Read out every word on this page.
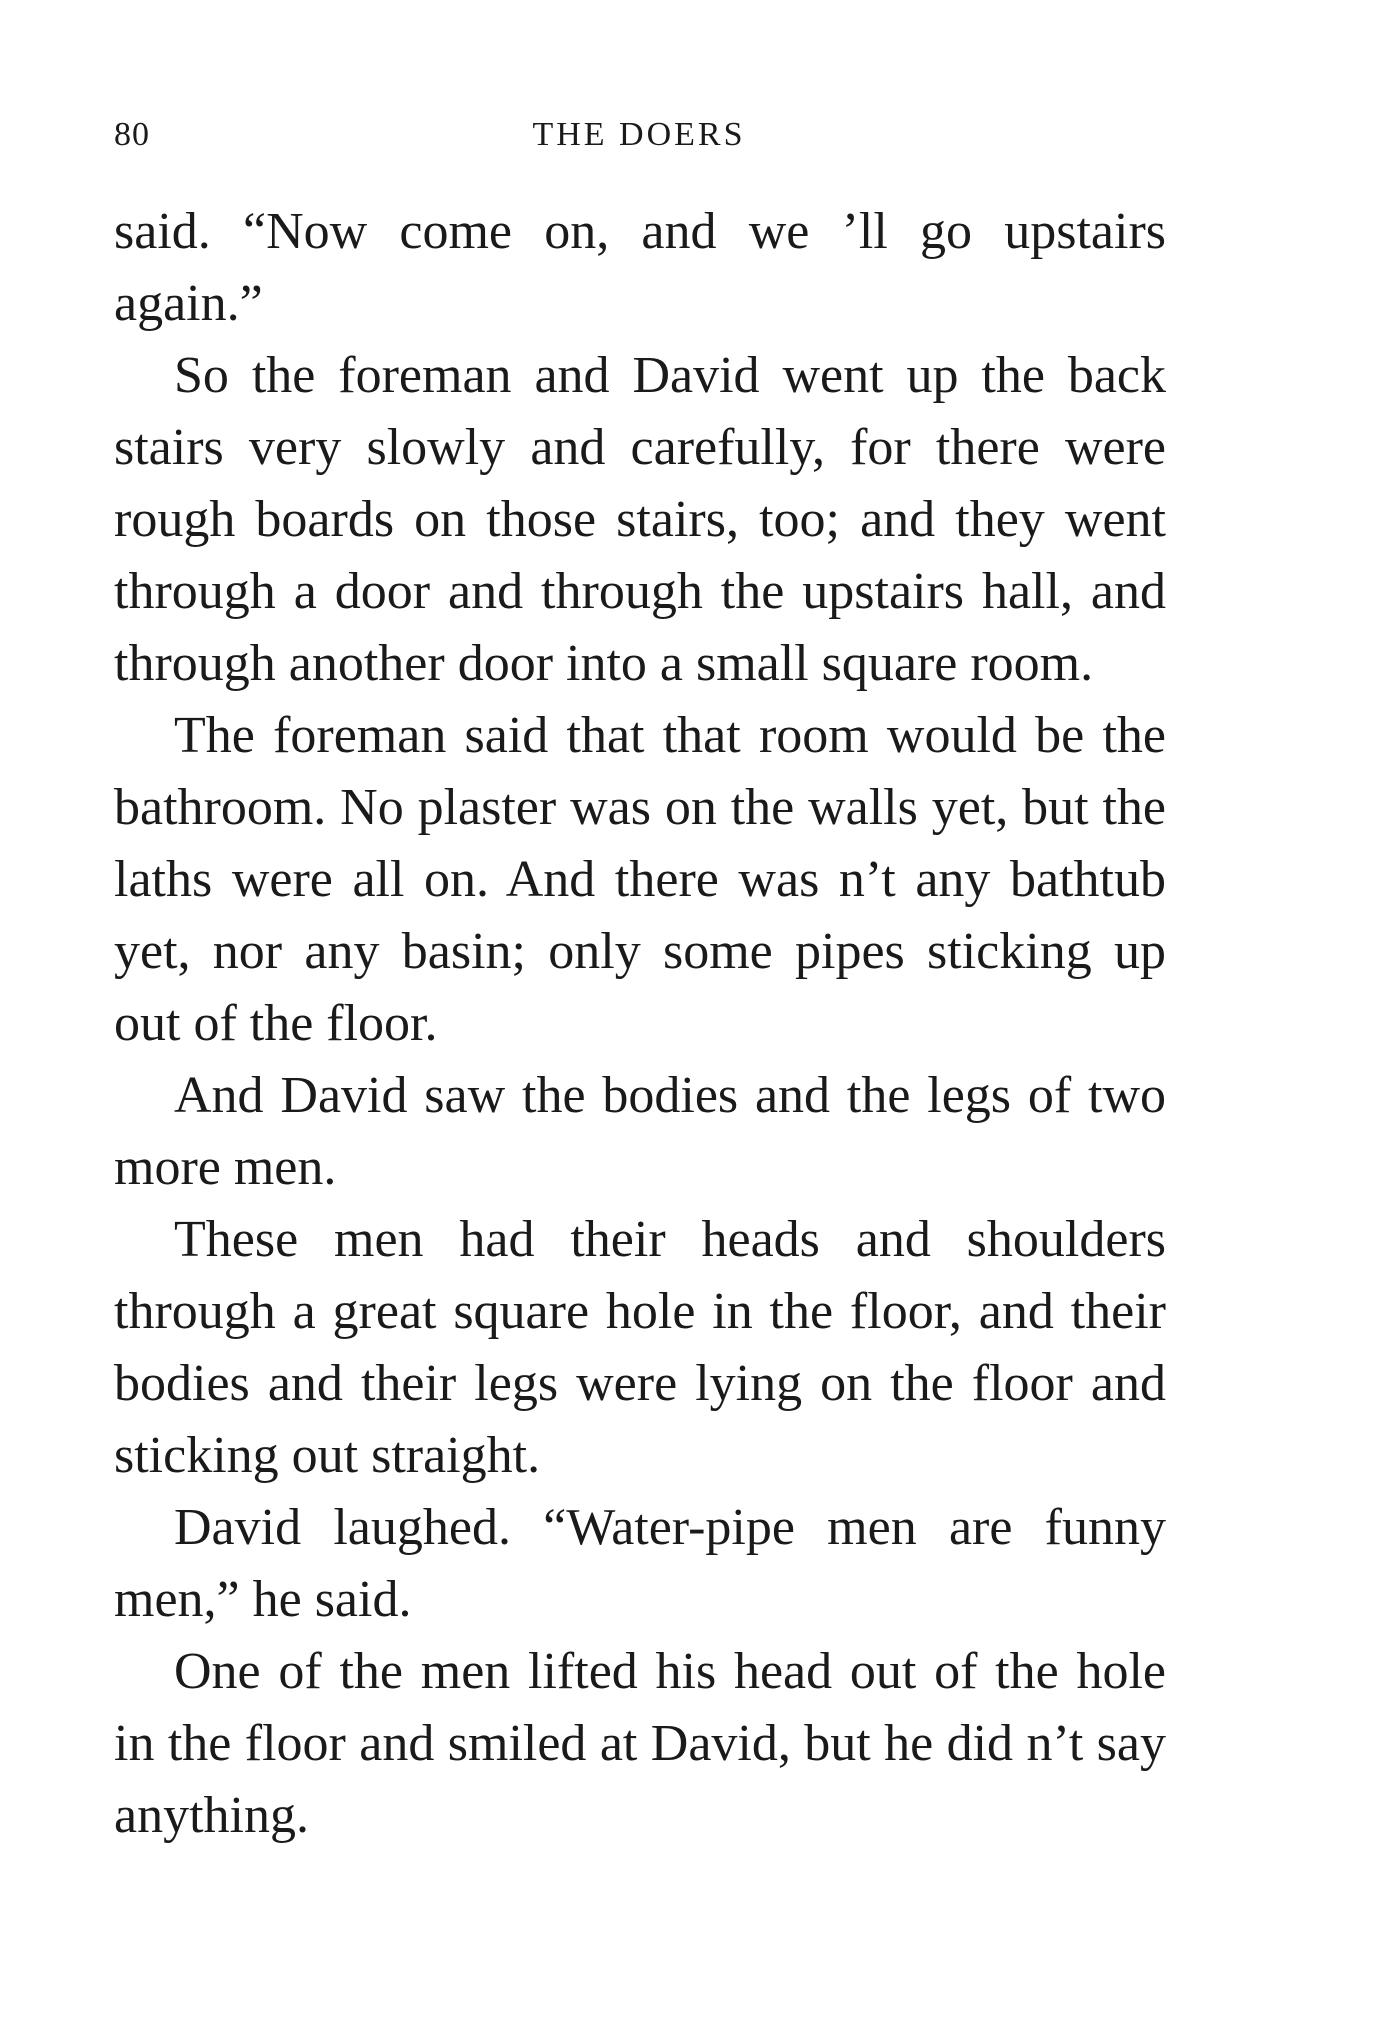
80	THE DOERS

said. “Now come on, and we ’ll go upstairs again.”

So the foreman and David went up the back stairs very slowly and carefully, for there were rough boards on those stairs, too; and they went through a door and through the upstairs hall, and through another door into a small square room.

The foreman said that that room would be the bathroom. No plaster was on the walls yet, but the laths were all on. And there was n’t any bathtub yet, nor any basin; only some pipes sticking up out of the floor.

And David saw the bodies and the legs of two more men.

These men had their heads and shoulders through a great square hole in the floor, and their bodies and their legs were lying on the floor and sticking out straight.

David laughed. “Water-pipe men are funny men,” he said.

One of the men lifted his head out of the hole in the floor and smiled at David, but he did n’t say anything.
